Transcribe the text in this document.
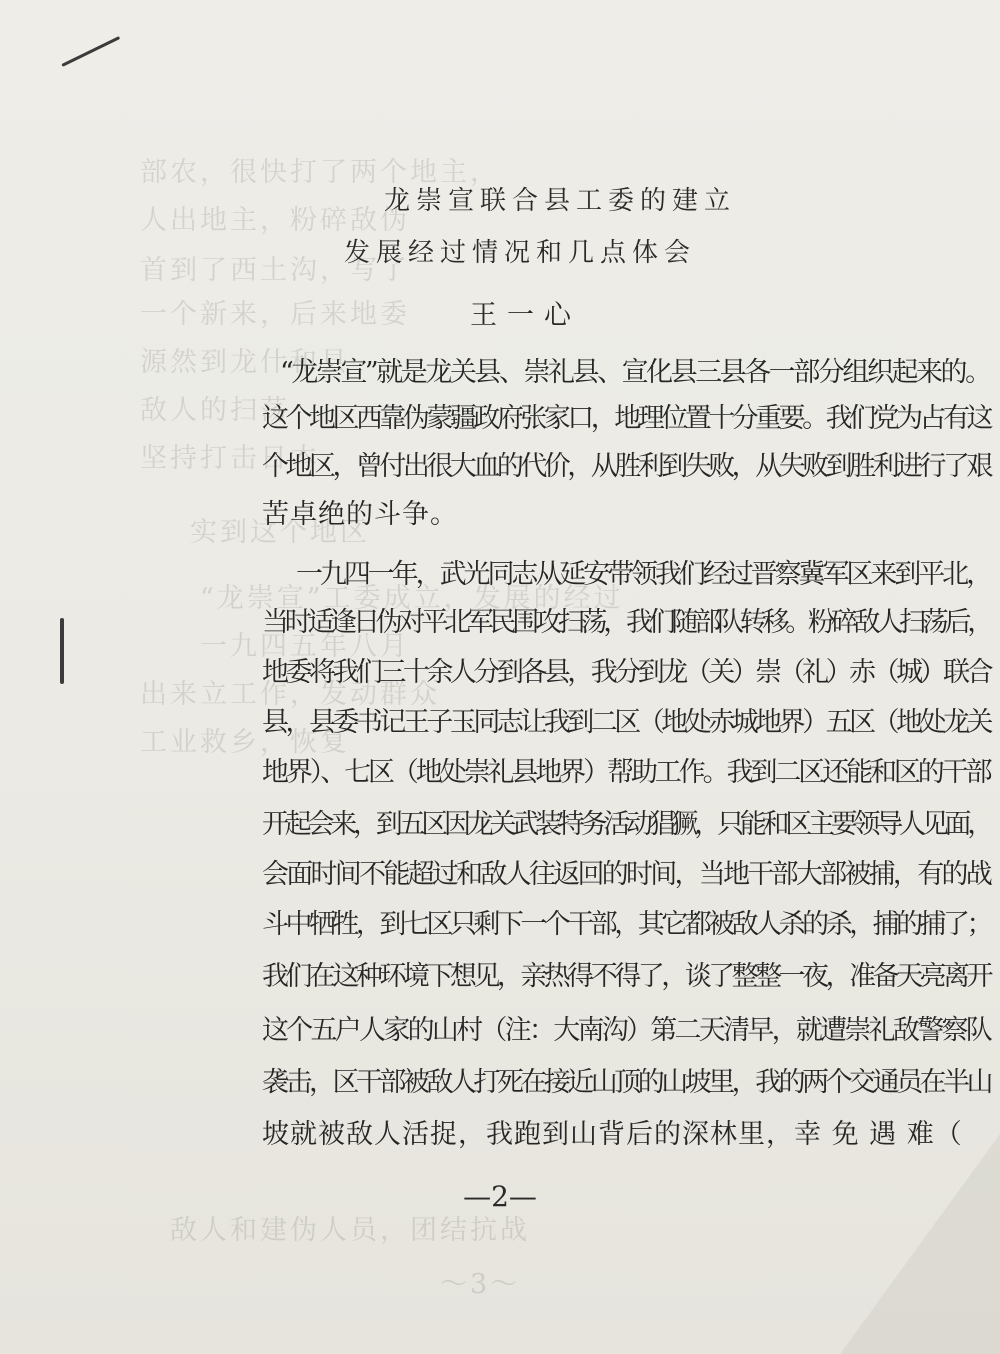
部农，很快打了两个地主，
人出地主，粉碎敌伪
首到了西土沟，写了
一个新来，后来地委
源然到龙什和县
敌人的扫荡
坚持打击日本
实到这个地区
“龙崇宣”工委成立，发展的经过
一九四五年八月
出来立工作，发动群众
工业救乡，恢复
敌人和建伪人员，团结抗战
～3～
龙崇宣联合县工委的建立
发展经过情况和几点体会
王一心
“龙崇宣”就是龙关县、崇礼县、宣化县三县各一部分组织起来的。
这个地区西靠伪蒙疆政府张家口，地理位置十分重要。我们党为占有这
个地区，曾付出很大血的代价，从胜利到失败，从失败到胜利进行了艰
苦卓绝的斗争。
一九四一年，武光同志从延安带领我们经过晋察冀军区来到平北，
当时适逢日伪对平北军民围攻扫荡，我们随部队转移。粉碎敌人扫荡后，
地委将我们三十余人分到各县，我分到龙（关）崇（礼）赤（城）联合
县，县委书记王子玉同志让我到二区（地处赤城地界）五区（地处龙关
地界）、七区（地处崇礼县地界）帮助工作。我到二区还能和区的干部
开起会来，到五区因龙关武装特务活动猖獗，只能和区主要领导人见面，
会面时间不能超过和敌人往返回的时间，当地干部大部被捕，有的战
斗中牺牲，到七区只剩下一个干部，其它都被敌人杀的杀，捕的捕了；
我们在这种环境下想见，亲热得不得了，谈了整整一夜，准备天亮离开
这个五户人家的山村（注：大南沟）第二天清早，就遭崇礼敌警察队
袭击，区干部被敌人打死在接近山顶的山坡里，我的两个交通员在半山
坡就被敌人活捉，我跑到山背后的深林里，幸 免 遇 难（
—2—
